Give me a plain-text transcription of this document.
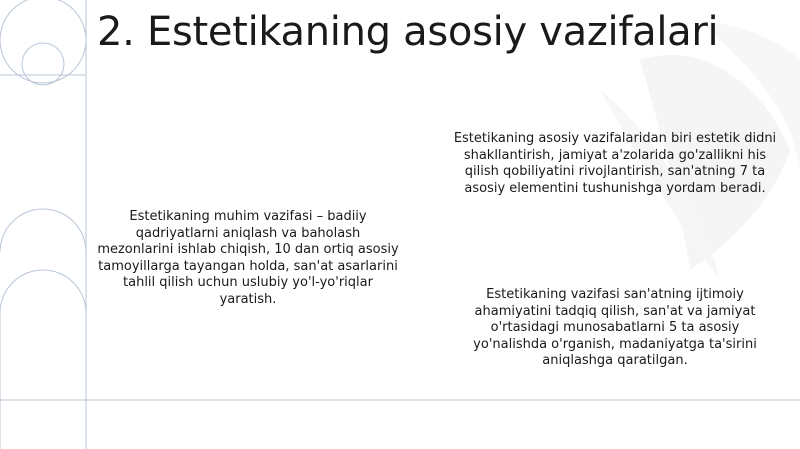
2. Estetikaning asosiy vazifalari
Estetikaning muhim vazifasi – badiiy qadriyatlarni aniqlash va baholash mezonlarini ishlab chiqish, 10 dan ortiq asosiy tamoyillarga tayangan holda, san'at asarlarini tahlil qilish uchun uslubiy yo'l-yo'riqlar yaratish.
Estetikaning asosiy vazifalaridan biri estetik didni shakllantirish, jamiyat a'zolarida go'zallikni his qilish qobiliyatini rivojlantirish, san'atning 7 ta asosiy elementini tushunishga yordam beradi.
Estetikaning vazifasi san'atning ijtimoiy ahamiyatini tadqiq qilish, san'at va jamiyat o'rtasidagi munosabatlarni 5 ta asosiy yo'nalishda o'rganish, madaniyatga ta'sirini aniqlashga qaratilgan.
